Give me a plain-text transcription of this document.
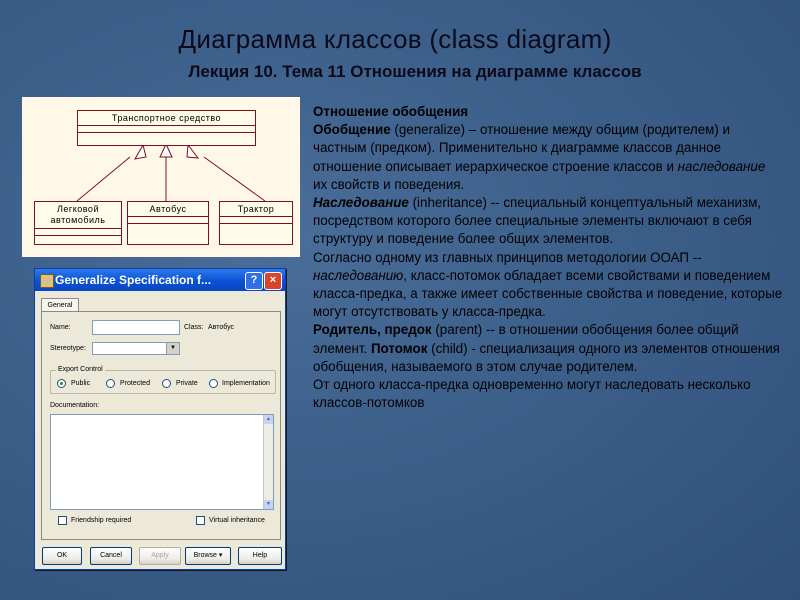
Диаграмма классов (class diagram)
Лекция 10. Тема 11 Отношения на диаграмме классов
Транспортное средство
Легковой автомобиль
Автобус	Трактор
Generalize Specification f...	?	×
General
Name:	Class: Автобус
Stereotype:	▼
Export Control
Public	Protected	Private	Implementation
Documentation:
▲
▼
Friendship required	Virtual inheritance
OK	Cancel	Apply	Browse ▾	Help

Отношение обобщения

Обобщение (generalize) – отношение между общим (родителем) и частным (предком). Применительно к диаграмме классов данное отношение описывает иерархическое строение классов и наследование их свойств и поведения.

Наследование (inheritance) -- специальный концептуальный механизм, посредством которого более специальные элементы включают в себя структуру и поведение более общих элементов.

Согласно одному из главных принципов методологии ООАП -- наследованию, класс-потомок обладает всеми свойствами и поведением класса-предка, а также имеет собственные свойства и поведение, которые могут отсутствовать у класса-предка.

Родитель, предок (parent) -- в отношении обобщения более общий элемент. Потомок (child) - специализация одного из элементов отношения обобщения, называемого в этом случае родителем.

От одного класса-предка одновременно могут наследовать несколько классов-потомков
